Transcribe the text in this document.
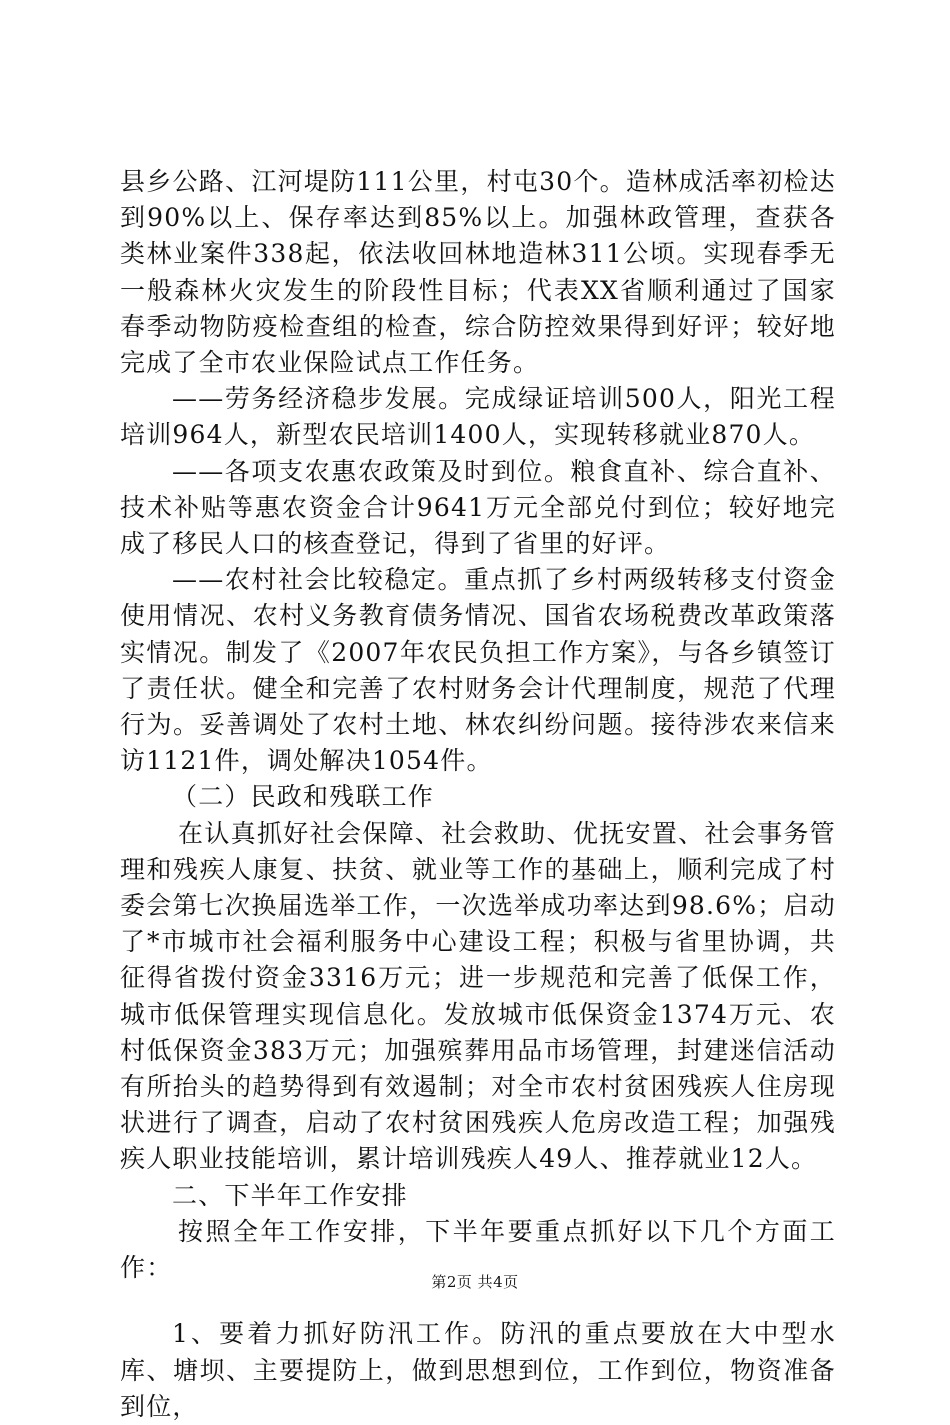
县乡公路、江河堤防111公里，村屯30个。造林成活率初检达到90%以上、保存率达到85%以上。加强林政管理，查获各类林业案件338起，依法收回林地造林311公顷。实现春季无一般森林火灾发生的阶段性目标；代表XX省顺利通过了国家春季动物防疫检查组的检查，综合防控效果得到好评；较好地完成了全市农业保险试点工作任务。

——劳务经济稳步发展。完成绿证培训500人，阳光工程培训964人，新型农民培训1400人，实现转移就业870人。

——各项支农惠农政策及时到位。粮食直补、综合直补、技术补贴等惠农资金合计9641万元全部兑付到位；较好地完成了移民人口的核查登记，得到了省里的好评。

——农村社会比较稳定。重点抓了乡村两级转移支付资金使用情况、农村义务教育债务情况、国省农场税费改革政策落实情况。制发了《2007年农民负担工作方案》，与各乡镇签订了责任状。健全和完善了农村财务会计代理制度，规范了代理行为。妥善调处了农村土地、林农纠纷问题。接待涉农来信来访1121件，调处解决1054件。

（二）民政和残联工作

在认真抓好社会保障、社会救助、优抚安置、社会事务管理和残疾人康复、扶贫、就业等工作的基础上，顺利完成了村委会第七次换届选举工作，一次选举成功率达到98.6%；启动了*市城市社会福利服务中心建设工程；积极与省里协调，共征得省拨付资金3316万元；进一步规范和完善了低保工作，城市低保管理实现信息化。发放城市低保资金1374万元、农村低保资金383万元；加强殡葬用品市场管理，封建迷信活动有所抬头的趋势得到有效遏制；对全市农村贫困残疾人住房现状进行了调查，启动了农村贫困残疾人危房改造工程；加强残疾人职业技能培训，累计培训残疾人49人、推荐就业12人。

二、下半年工作安排

按照全年工作安排，下半年要重点抓好以下几个方面工作：

1、要着力抓好防汛工作。防汛的重点要放在大中型水库、塘坝、主要提防上，做到思想到位，工作到位，物资准备到位，

第2页 共4页
